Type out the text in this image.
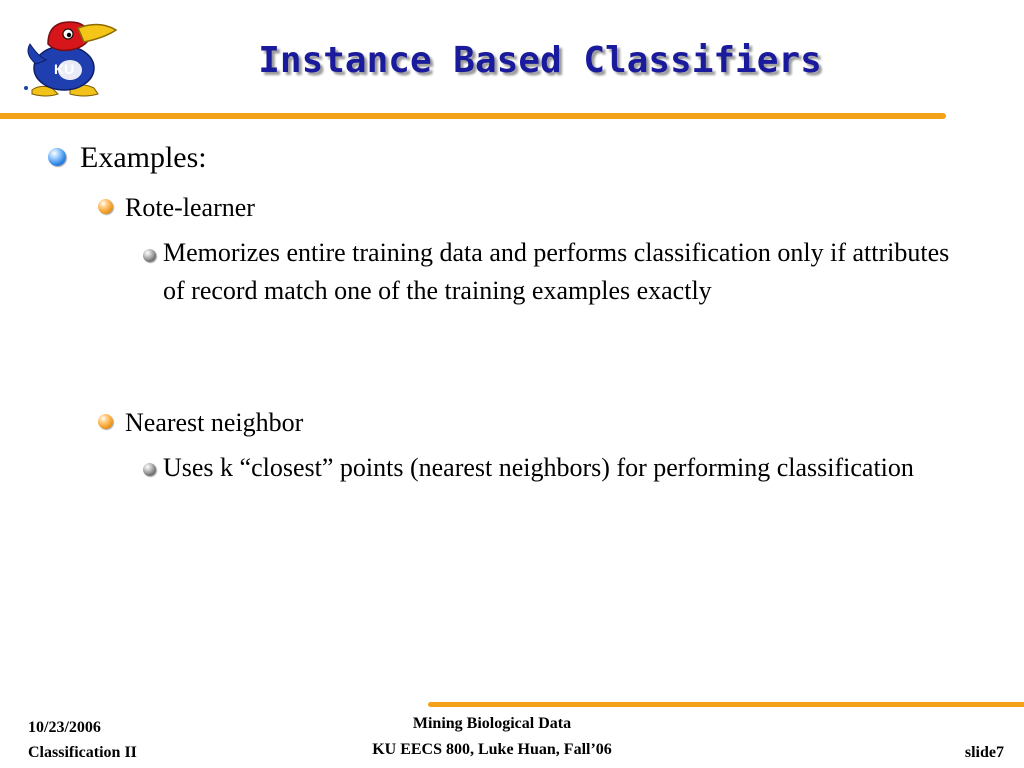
KU	Instance Based Classifiers
Examples:
Rote-learner
Memorizes entire training data and performs classification only if attributes of record match one of the training examples exactly
Nearest neighbor
Uses k “closest” points (nearest neighbors) for performing classification
10/23/2006
Classification II
Mining Biological Data
KU EECS 800, Luke Huan, Fall’06	slide7
